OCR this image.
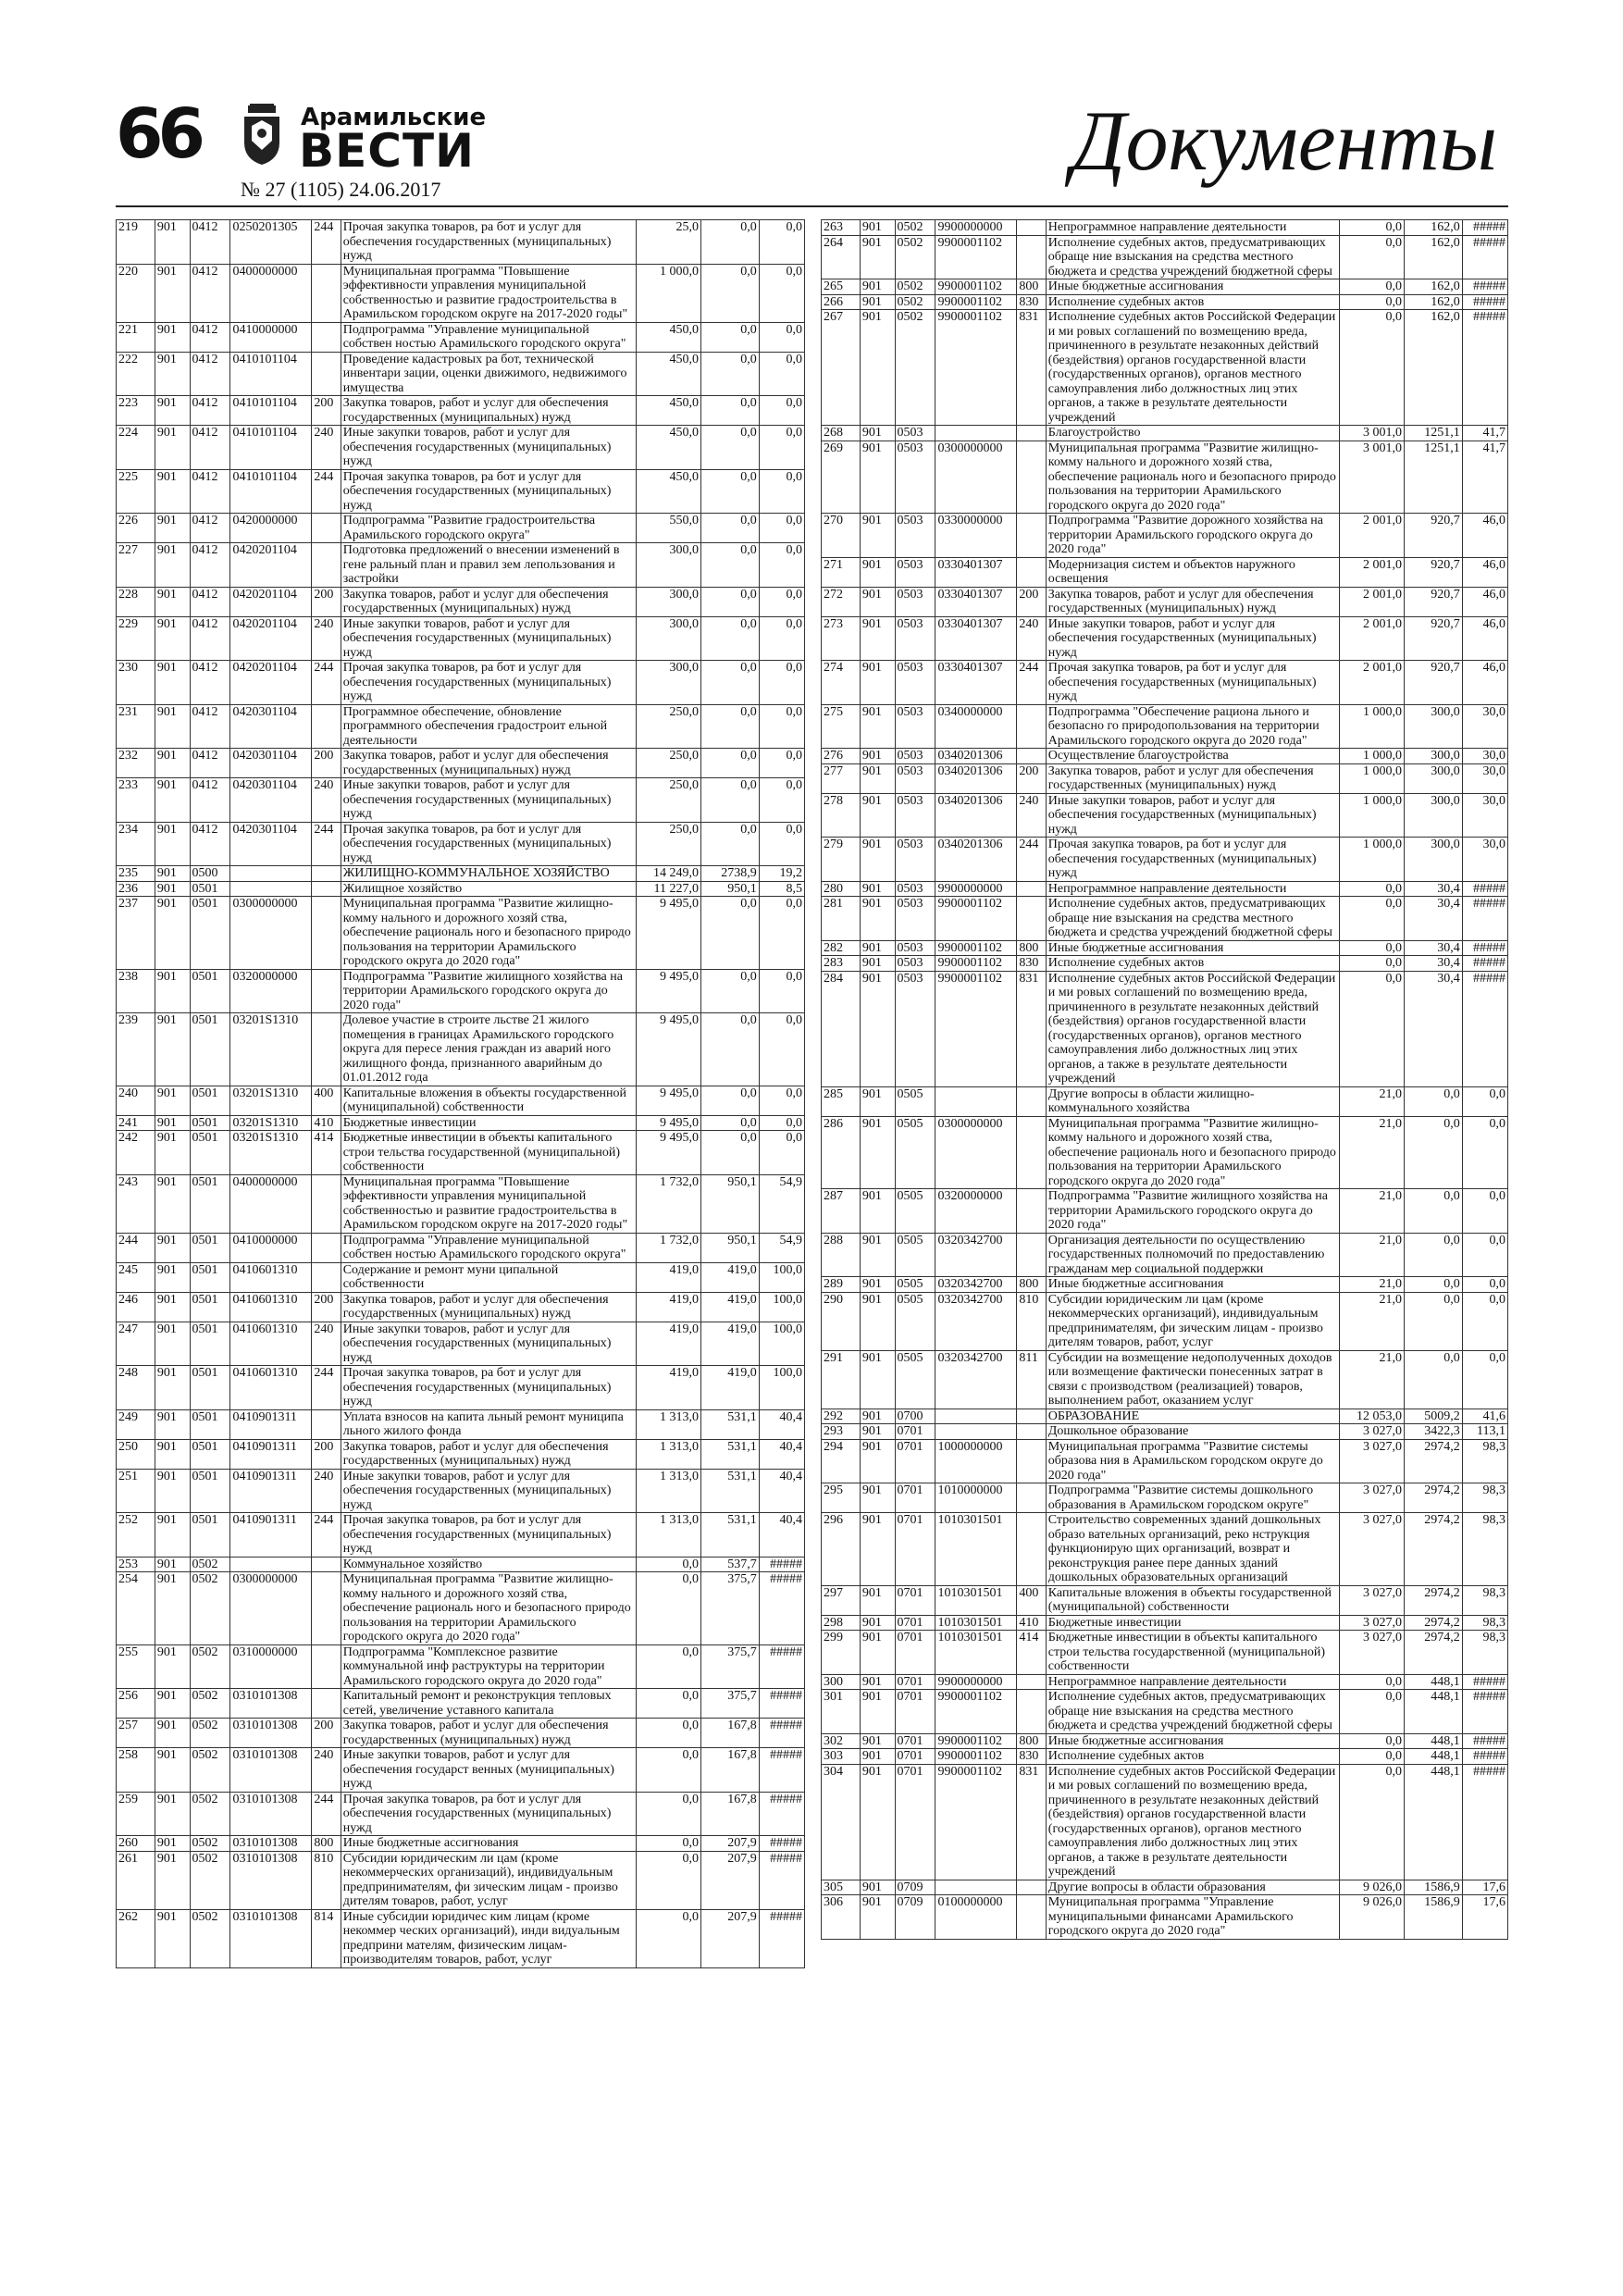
66	Арамильские
ВЕСТИ
№ 27 (1105) 24.06.2017
Документы
219	901	0412	0250201305	244	Прочая закупка товаров, ра бот и услуг для обеспечения государственных (муниципальных) нужд	25,0	0,0	0,0
220	901	0412	0400000000		Муниципальная программа "Повышение эффективности управления муниципальной собственностью и развитие градостроительства в Арамильском городском округе на 2017-2020 годы"	1 000,0	0,0	0,0
221	901	0412	0410000000		Подпрограмма "Управление муниципальной собствен ностью Арамильского городского округа"	450,0	0,0	0,0
222	901	0412	0410101104		Проведение кадастровых ра бот, технической инвентари зации, оценки движимого, недвижимого имущества	450,0	0,0	0,0
223	901	0412	0410101104	200	Закупка товаров, работ и услуг для обеспечения государственных (муниципальных) нужд	450,0	0,0	0,0
224	901	0412	0410101104	240	Иные закупки товаров, работ и услуг для обеспечения государственных (муниципальных) нужд	450,0	0,0	0,0
225	901	0412	0410101104	244	Прочая закупка товаров, ра бот и услуг для обеспечения государственных (муниципальных) нужд	450,0	0,0	0,0
226	901	0412	0420000000		Подпрограмма "Развитие градостроительства Арамильского городского округа"	550,0	0,0	0,0
227	901	0412	0420201104		Подготовка предложений о внесении изменений в гене ральный план и правил зем лепользования и застройки	300,0	0,0	0,0
228	901	0412	0420201104	200	Закупка товаров, работ и услуг для обеспечения государственных (муниципальных) нужд	300,0	0,0	0,0
229	901	0412	0420201104	240	Иные закупки товаров, работ и услуг для обеспечения государственных (муниципальных) нужд	300,0	0,0	0,0
230	901	0412	0420201104	244	Прочая закупка товаров, ра бот и услуг для обеспечения государственных (муниципальных) нужд	300,0	0,0	0,0
231	901	0412	0420301104		Программное обеспечение, обновление программного обеспечения градостроит ельной деятельности	250,0	0,0	0,0
232	901	0412	0420301104	200	Закупка товаров, работ и услуг для обеспечения государственных (муниципальных) нужд	250,0	0,0	0,0
233	901	0412	0420301104	240	Иные закупки товаров, работ и услуг для обеспечения государственных (муниципальных) нужд	250,0	0,0	0,0
234	901	0412	0420301104	244	Прочая закупка товаров, ра бот и услуг для обеспечения государственных (муниципальных) нужд	250,0	0,0	0,0
235	901	0500			ЖИЛИЩНО-КОММУНАЛЬНОЕ ХОЗЯЙСТВО	14 249,0	2738,9	19,2
236	901	0501			Жилищное хозяйство	11 227,0	950,1	8,5
237	901	0501	0300000000		Муниципальная программа "Развитие жилищно-комму нального и дорожного хозяй ства, обеспечение рациональ ного и безопасного природо пользования на территории Арамильского городского округа до 2020 года"	9 495,0	0,0	0,0
238	901	0501	0320000000		Подпрограмма "Развитие жилищного хозяйства на территории Арамильского городского округа до 2020 года"	9 495,0	0,0	0,0
239	901	0501	03201S1310		Долевое участие в строите льстве 21 жилого помещения в границах Арамильского городского округа для пересе ления граждан из аварий ного жилищного фонда, признанного аварийным до 01.01.2012 года	9 495,0	0,0	0,0
240	901	0501	03201S1310	400	Капитальные вложения в объекты государственной (муниципальной) собственности	9 495,0	0,0	0,0
241	901	0501	03201S1310	410	Бюджетные инвестиции	9 495,0	0,0	0,0
242	901	0501	03201S1310	414	Бюджетные инвестиции в объекты капитального строи тельства государственной (муниципальной) собственности	9 495,0	0,0	0,0
243	901	0501	0400000000		Муниципальная программа "Повышение эффективности управления муниципальной собственностью и развитие градостроительства в Арамильском городском округе на 2017-2020 годы"	1 732,0	950,1	54,9
244	901	0501	0410000000		Подпрограмма "Управление муниципальной собствен ностью Арамильского городского округа"	1 732,0	950,1	54,9
245	901	0501	0410601310		Содержание и ремонт муни ципальной собственности	419,0	419,0	100,0
246	901	0501	0410601310	200	Закупка товаров, работ и услуг для обеспечения государственных (муниципальных) нужд	419,0	419,0	100,0
247	901	0501	0410601310	240	Иные закупки товаров, работ и услуг для обеспечения государственных (муниципальных) нужд	419,0	419,0	100,0
248	901	0501	0410601310	244	Прочая закупка товаров, ра бот и услуг для обеспечения государственных (муниципальных) нужд	419,0	419,0	100,0
249	901	0501	0410901311		Уплата взносов на капита льный ремонт муниципа льного жилого фонда	1 313,0	531,1	40,4
250	901	0501	0410901311	200	Закупка товаров, работ и услуг для обеспечения государственных (муниципальных) нужд	1 313,0	531,1	40,4
251	901	0501	0410901311	240	Иные закупки товаров, работ и услуг для обеспечения государственных (муниципальных) нужд	1 313,0	531,1	40,4
252	901	0501	0410901311	244	Прочая закупка товаров, ра бот и услуг для обеспечения государственных (муниципальных) нужд	1 313,0	531,1	40,4
253	901	0502			Коммунальное хозяйство	0,0	537,7	#####
254	901	0502	0300000000		Муниципальная программа "Развитие жилищно-комму нального и дорожного хозяй ства, обеспечение рациональ ного и безопасного природо пользования на территории Арамильского городского округа до 2020 года"	0,0	375,7	#####
255	901	0502	0310000000		Подпрограмма "Комплексное развитие коммунальной инф раструктуры на территории Арамильского городского округа до 2020 года"	0,0	375,7	#####
256	901	0502	0310101308		Капитальный ремонт и реконструкция тепловых сетей, увеличение уставного капитала	0,0	375,7	#####
257	901	0502	0310101308	200	Закупка товаров, работ и услуг для обеспечения государственных (муниципальных) нужд	0,0	167,8	#####
258	901	0502	0310101308	240	Иные закупки товаров, работ и услуг для обеспечения государст венных (муниципальных) нужд	0,0	167,8	#####
259	901	0502	0310101308	244	Прочая закупка товаров, ра бот и услуг для обеспечения государственных (муниципальных) нужд	0,0	167,8	#####
260	901	0502	0310101308	800	Иные бюджетные ассигнования	0,0	207,9	#####
261	901	0502	0310101308	810	Субсидии юридическим ли цам (кроме некоммерческих организаций), индивидуальным предпринимателям, фи зическим лицам - произво дителям товаров, работ, услуг	0,0	207,9	#####
262	901	0502	0310101308	814	Иные субсидии юридичес ким лицам (кроме некоммер ческих организаций), инди видуальным предприни мателям, физическим лицам-производителям товаров, работ, услуг	0,0	207,9	#####
263	901	0502	9900000000		Непрограммное направление деятельности	0,0	162,0	#####
264	901	0502	9900001102		Исполнение судебных актов, предусматривающих обраще ние взыскания на средства местного бюджета и средства учреждений бюджетной сферы	0,0	162,0	#####
265	901	0502	9900001102	800	Иные бюджетные ассигнования	0,0	162,0	#####
266	901	0502	9900001102	830	Исполнение судебных актов	0,0	162,0	#####
267	901	0502	9900001102	831	Исполнение судебных актов Российской Федерации и ми ровых соглашений по возмещению вреда, причиненного в результате незаконных действий (бездействия) органов государственной власти (государственных органов), органов местного самоуправления либо должностных лиц этих органов, а также в результате деятельности учреждений	0,0	162,0	#####
268	901	0503			Благоустройство	3 001,0	1251,1	41,7
269	901	0503	0300000000		Муниципальная программа "Развитие жилищно-комму нального и дорожного хозяй ства, обеспечение рациональ ного и безопасного природо пользования на территории Арамильского городского округа до 2020 года"	3 001,0	1251,1	41,7
270	901	0503	0330000000		Подпрограмма "Развитие дорожного хозяйства на территории Арамильского городского округа до 2020 года"	2 001,0	920,7	46,0
271	901	0503	0330401307		Модернизация систем и объектов наружного освещения	2 001,0	920,7	46,0
272	901	0503	0330401307	200	Закупка товаров, работ и услуг для обеспечения государственных (муниципальных) нужд	2 001,0	920,7	46,0
273	901	0503	0330401307	240	Иные закупки товаров, работ и услуг для обеспечения государственных (муниципальных) нужд	2 001,0	920,7	46,0
274	901	0503	0330401307	244	Прочая закупка товаров, ра бот и услуг для обеспечения государственных (муниципальных) нужд	2 001,0	920,7	46,0
275	901	0503	0340000000		Подпрограмма "Обеспечение рациона льного и безопасно го природопользования на территории Арамильского городского округа до 2020 года"	1 000,0	300,0	30,0
276	901	0503	0340201306		Осуществление благоустройства	1 000,0	300,0	30,0
277	901	0503	0340201306	200	Закупка товаров, работ и услуг для обеспечения государственных (муниципальных) нужд	1 000,0	300,0	30,0
278	901	0503	0340201306	240	Иные закупки товаров, работ и услуг для обеспечения государственных (муниципальных) нужд	1 000,0	300,0	30,0
279	901	0503	0340201306	244	Прочая закупка товаров, ра бот и услуг для обеспечения государственных (муниципальных) нужд	1 000,0	300,0	30,0
280	901	0503	9900000000		Непрограммное направление деятельности	0,0	30,4	#####
281	901	0503	9900001102		Исполнение судебных актов, предусматривающих обраще ние взыскания на средства местного бюджета и средства учреждений бюджетной сферы	0,0	30,4	#####
282	901	0503	9900001102	800	Иные бюджетные ассигнования	0,0	30,4	#####
283	901	0503	9900001102	830	Исполнение судебных актов	0,0	30,4	#####
284	901	0503	9900001102	831	Исполнение судебных актов Российской Федерации и ми ровых соглашений по возмещению вреда, причиненного в результате незаконных действий (бездействия) органов государственной власти (государственных органов), органов местного самоуправления либо должностных лиц этих органов, а также в результате деятельности учреждений	0,0	30,4	#####
285	901	0505			Другие вопросы в области жилищно-коммунального хозяйства	21,0	0,0	0,0
286	901	0505	0300000000		Муниципальная программа "Развитие жилищно-комму нального и дорожного хозяй ства, обеспечение рациональ ного и безопасного природо пользования на территории Арамильского городского округа до 2020 года"	21,0	0,0	0,0
287	901	0505	0320000000		Подпрограмма "Развитие жилищного хозяйства на территории Арамильского городского округа до 2020 года"	21,0	0,0	0,0
288	901	0505	0320342700		Организация деятельности по осуществлению государственных полномочий по предоставлению гражданам мер социальной поддержки	21,0	0,0	0,0
289	901	0505	0320342700	800	Иные бюджетные ассигнования	21,0	0,0	0,0
290	901	0505	0320342700	810	Субсидии юридическим ли цам (кроме некоммерческих организаций), индивидуальным предпринимателям, фи зическим лицам - произво дителям товаров, работ, услуг	21,0	0,0	0,0
291	901	0505	0320342700	811	Субсидии на возмещение недополученных доходов или возмещение фактически понесенных затрат в связи с производством (реализацией) товаров, выполнением работ, оказанием услуг	21,0	0,0	0,0
292	901	0700			ОБРАЗОВАНИЕ	12 053,0	5009,2	41,6
293	901	0701			Дошкольное образование	3 027,0	3422,3	113,1
294	901	0701	1000000000		Муниципальная программа "Развитие системы образова ния в Арамильском городском округе до 2020 года"	3 027,0	2974,2	98,3
295	901	0701	1010000000		Подпрограмма "Развитие системы дошкольного образования в Арамильском городском округе"	3 027,0	2974,2	98,3
296	901	0701	1010301501		Строительство современных зданий дошкольных образо вательных организаций, реко нструкция функционирую щих организаций, возврат и реконструкция ранее пере данных зданий дошкольных образовательных организаций	3 027,0	2974,2	98,3
297	901	0701	1010301501	400	Капитальные вложения в объекты государственной (муниципальной) собственности	3 027,0	2974,2	98,3
298	901	0701	1010301501	410	Бюджетные инвестиции	3 027,0	2974,2	98,3
299	901	0701	1010301501	414	Бюджетные инвестиции в объекты капитального строи тельства государственной (муниципальной) собственности	3 027,0	2974,2	98,3
300	901	0701	9900000000		Непрограммное направление деятельности	0,0	448,1	#####
301	901	0701	9900001102		Исполнение судебных актов, предусматривающих обраще ние взыскания на средства местного бюджета и средства учреждений бюджетной сферы	0,0	448,1	#####
302	901	0701	9900001102	800	Иные бюджетные ассигнования	0,0	448,1	#####
303	901	0701	9900001102	830	Исполнение судебных актов	0,0	448,1	#####
304	901	0701	9900001102	831	Исполнение судебных актов Российской Федерации и ми ровых соглашений по возмещению вреда, причиненного в результате незаконных действий (бездействия) органов государственной власти (государственных органов), органов местного самоуправления либо должностных лиц этих органов, а также в результате деятельности учреждений	0,0	448,1	#####
305	901	0709			Другие вопросы в области образования	9 026,0	1586,9	17,6
306	901	0709	0100000000		Муниципальная программа "Управление муниципальными финансами Арамильского городского округа до 2020 года"	9 026,0	1586,9	17,6
